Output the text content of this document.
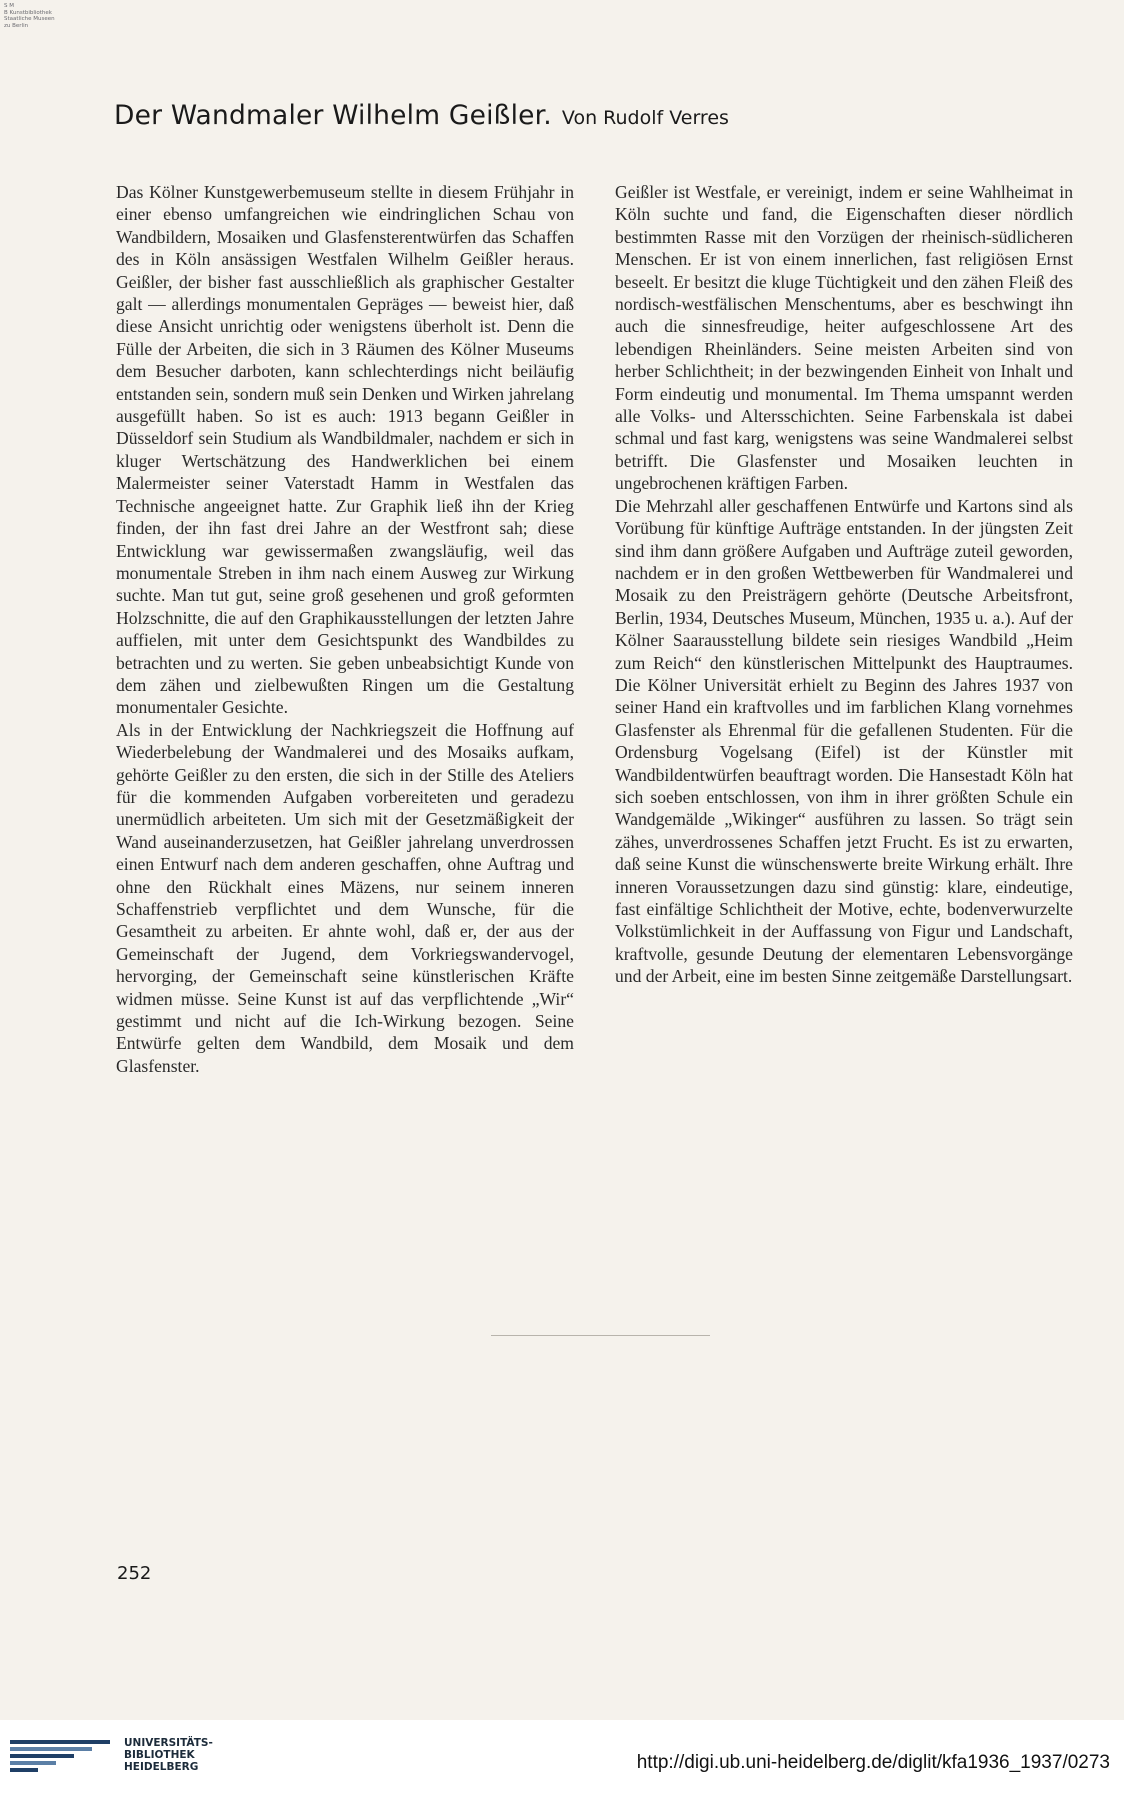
S M
B Kunstbibliothek
Staatliche Museen
zu Berlin
Der Wandmaler Wilhelm Geißler. Von Rudolf Verres

Das Kölner Kunstgewerbemuseum stellte in diesem Frühjahr in einer ebenso umfangreichen wie eindringlichen Schau von Wandbildern, Mosaiken und Glasfensterentwürfen das Schaffen des in Köln ansässigen Westfalen Wilhelm Geißler heraus. Geißler, der bisher fast ausschließlich als graphischer Gestalter galt — allerdings monumentalen Gepräges — beweist hier, daß diese Ansicht unrichtig oder wenigstens überholt ist. Denn die Fülle der Arbeiten, die sich in 3 Räumen des Kölner Museums dem Besucher darboten, kann schlechterdings nicht beiläufig entstanden sein, sondern muß sein Denken und Wirken jahrelang ausgefüllt haben. So ist es auch: 1913 begann Geißler in Düsseldorf sein Studium als Wandbildmaler, nachdem er sich in kluger Wertschätzung des Handwerklichen bei einem Malermeister seiner Vaterstadt Hamm in Westfalen das Technische angeeignet hatte. Zur Graphik ließ ihn der Krieg finden, der ihn fast drei Jahre an der Westfront sah; diese Entwicklung war gewissermaßen zwangsläufig, weil das monumentale Streben in ihm nach einem Ausweg zur Wirkung suchte. Man tut gut, seine groß gesehenen und groß geformten Holzschnitte, die auf den Graphikausstellungen der letzten Jahre auffielen, mit unter dem Gesichtspunkt des Wandbildes zu betrachten und zu werten. Sie geben unbeabsichtigt Kunde von dem zähen und zielbewußten Ringen um die Gestaltung monumentaler Gesichte.

Als in der Entwicklung der Nachkriegszeit die Hoffnung auf Wiederbelebung der Wandmalerei und des Mosaiks aufkam, gehörte Geißler zu den ersten, die sich in der Stille des Ateliers für die kommenden Aufgaben vorbereiteten und geradezu unermüdlich arbeiteten. Um sich mit der Gesetzmäßigkeit der Wand auseinanderzusetzen, hat Geißler jahrelang unverdrossen einen Entwurf nach dem anderen geschaffen, ohne Auftrag und ohne den Rückhalt eines Mäzens, nur seinem inneren Schaffenstrieb verpflichtet und dem Wunsche, für die Gesamtheit zu arbeiten. Er ahnte wohl, daß er, der aus der Gemeinschaft der Jugend, dem Vorkriegswandervogel, hervorging, der Gemeinschaft seine künstlerischen Kräfte widmen müsse. Seine Kunst ist auf das verpflichtende „Wir“ gestimmt und nicht auf die Ich-Wirkung bezogen. Seine Entwürfe gelten dem Wandbild, dem Mosaik und dem Glasfenster.

Geißler ist Westfale, er vereinigt, indem er seine Wahlheimat in Köln suchte und fand, die Eigenschaften dieser nördlich bestimmten Rasse mit den Vorzügen der rheinisch-südlicheren Menschen. Er ist von einem innerlichen, fast religiösen Ernst beseelt. Er besitzt die kluge Tüchtigkeit und den zähen Fleiß des nordisch-westfälischen Menschentums, aber es beschwingt ihn auch die sinnesfreudige, heiter aufgeschlossene Art des lebendigen Rheinländers. Seine meisten Arbeiten sind von herber Schlichtheit; in der bezwingenden Einheit von Inhalt und Form eindeutig und monumental. Im Thema umspannt werden alle Volks- und Altersschichten. Seine Farbenskala ist dabei schmal und fast karg, wenigstens was seine Wandmalerei selbst betrifft. Die Glasfenster und Mosaiken leuchten in ungebrochenen kräftigen Farben.

Die Mehrzahl aller geschaffenen Entwürfe und Kartons sind als Vorübung für künftige Aufträge entstanden. In der jüngsten Zeit sind ihm dann größere Aufgaben und Aufträge zuteil geworden, nachdem er in den großen Wettbewerben für Wandmalerei und Mosaik zu den Preisträgern gehörte (Deutsche Arbeitsfront, Berlin, 1934, Deutsches Museum, München, 1935 u. a.). Auf der Kölner Saarausstellung bildete sein riesiges Wandbild „Heim zum Reich“ den künstlerischen Mittelpunkt des Hauptraumes. Die Kölner Universität erhielt zu Beginn des Jahres 1937 von seiner Hand ein kraftvolles und im farblichen Klang vornehmes Glasfenster als Ehrenmal für die gefallenen Studenten. Für die Ordensburg Vogelsang (Eifel) ist der Künstler mit Wandbildentwürfen beauftragt worden. Die Hansestadt Köln hat sich soeben entschlossen, von ihm in ihrer größten Schule ein Wandgemälde „Wikinger“ ausführen zu lassen. So trägt sein zähes, unverdrossenes Schaffen jetzt Frucht. Es ist zu erwarten, daß seine Kunst die wünschenswerte breite Wirkung erhält. Ihre inneren Voraussetzungen dazu sind günstig: klare, eindeutige, fast einfältige Schlichtheit der Motive, echte, bodenverwurzelte Volkstümlichkeit in der Auffassung von Figur und Landschaft, kraftvolle, gesunde Deutung der elementaren Lebensvorgänge und der Arbeit, eine im besten Sinne zeitgemäße Darstellungsart.

252
UNIVERSITÄTS-
BIBLIOTHEK
HEIDELBERG	http://digi.ub.uni-heidelberg.de/diglit/kfa1936_1937/0273
